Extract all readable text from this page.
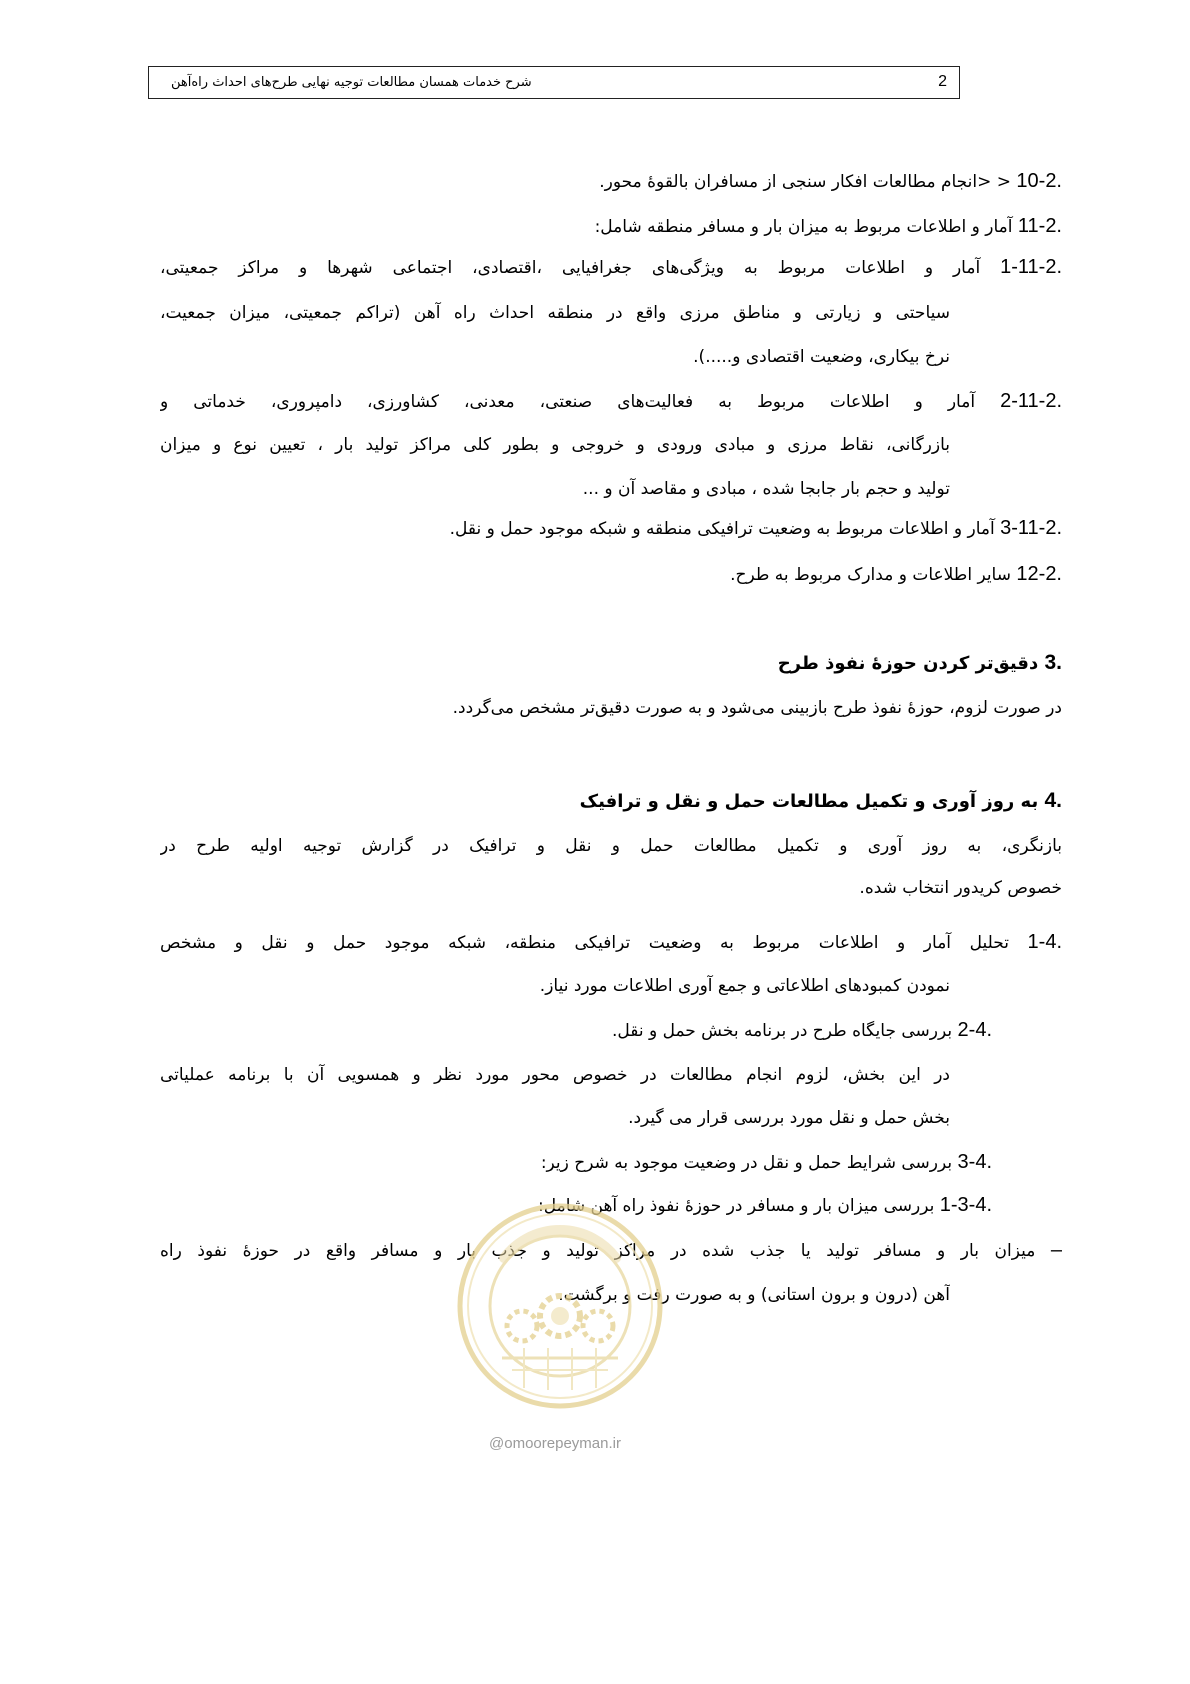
2
شرح خدمات همسان مطالعات توجیه نهایی طرح‌های احداث راه‌آهن
10-2. < <انجام مطالعات افکار سنجی از مسافران بالقوۀ محور.
11-2. آمار و اطلاعات مربوط به میزان بار و مسافر منطقه شامل:
1-11-2. آمار و اطلاعات مربوط به ویژگی‌های جغرافیایی ،اقتصادی، اجتماعی شهرها و مراکز جمعیتی،
سیاحتی و زیارتی و مناطق مرزی واقع در منطقه احداث راه آهن (تراکم جمعیتی، میزان جمعیت،
نرخ بیکاری، وضعیت اقتصادی و.....).
2-11-2. آمار و اطلاعات مربوط به فعالیت‌های صنعتی، معدنی، کشاورزی، دامپروری، خدماتی و
بازرگانی، نقاط مرزی و مبادی ورودی و خروجی و بطور کلی مراکز تولید بار ، تعیین نوع و میزان
تولید و حجم بار جابجا شده ، مبادی و مقاصد آن و ...
3-11-2. آمار و اطلاعات مربوط به وضعیت ترافیکی منطقه و شبکه موجود حمل و نقل.
12-2. سایر اطلاعات و مدارک مربوط به طرح.
3. دقیق‌تر کردن حوزۀ نفوذ طرح
در صورت لزوم، حوزۀ نفوذ طرح بازبینی می‌شود و به صورت دقیق‌تر مشخص می‌گردد.
4. به روز آوری و تکمیل مطالعات حمل و نقل و ترافیک
بازنگری، به روز آوری و تکمیل مطالعات حمل و نقل و ترافیک در گزارش توجیه اولیه طرح در
خصوص کریدور انتخاب شده.
1-4. تحلیل آمار و اطلاعات مربوط به وضعیت ترافیکی منطقه، شبکه موجود حمل و نقل و مشخص
نمودن کمبودهای اطلاعاتی و جمع آوری اطلاعات مورد نیاز.
2-4. بررسی جایگاه طرح در برنامه بخش حمل و نقل.
در این بخش، لزوم انجام مطالعات در خصوص محور مورد نظر و همسویی آن با برنامه عملیاتی
بخش حمل و نقل مورد بررسی قرار می گیرد.
3-4. بررسی شرایط حمل و نقل در وضعیت موجود به شرح زیر:
1-3-4. بررسی میزان بار و مسافر در حوزۀ نفوذ راه آهن شامل:
– میزان بار و مسافر تولید یا جذب شده در مراکز تولید و جذب بار و مسافر واقع در حوزۀ نفوذ راه
آهن (درون و برون استانی) و به صورت رفت و برگشت.
@omoorepeyman.ir
